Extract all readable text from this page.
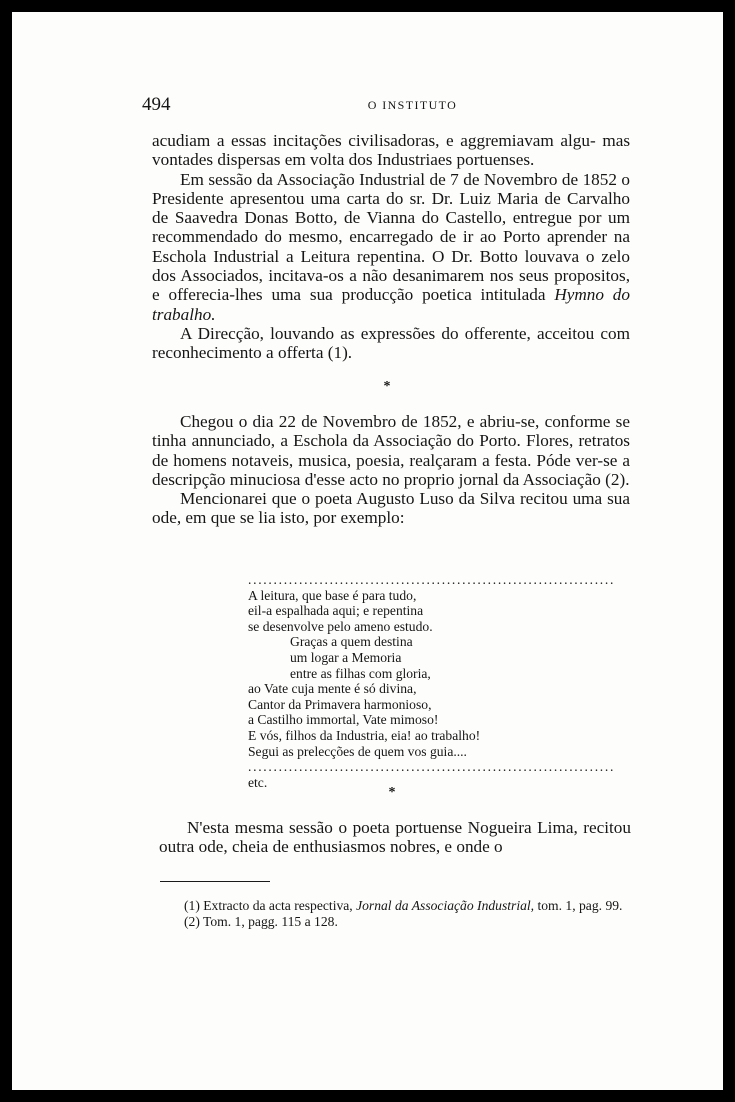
494	O INSTITUTO

acudiam a essas incitações civilisadoras, e aggremiavam algu- mas vontades dispersas em volta dos Industriaes portuenses.

Em sessão da Associação Industrial de 7 de Novembro de 1852 o Presidente apresentou uma carta do sr. Dr. Luiz Maria de Carvalho de Saavedra Donas Botto, de Vianna do Castello, entregue por um recommendado do mesmo, encarregado de ir ao Porto aprender na Eschola Industrial a Leitura repentina. O Dr. Botto louvava o zelo dos Associados, incitava-os a não desanimarem nos seus propositos, e offerecia-lhes uma sua producção poetica intitulada Hymno do trabalho.

A Direcção, louvando as expressões do offerente, acceitou com reconhecimento a offerta (1).

*

Chegou o dia 22 de Novembro de 1852, e abriu-se, conforme se tinha annunciado, a Eschola da Associação do Porto. Flores, retratos de homens notaveis, musica, poesia, realçaram a festa. Póde ver-se a descripção minuciosa d'esse acto no proprio jornal da Associação (2).

Mencionarei que o poeta Augusto Luso da Silva recitou uma sua ode, em que se lia isto, por exemplo:

........................................................................
A leitura, que base é para tudo,
eil-a espalhada aqui; e repentina
se desenvolve pelo ameno estudo.
Graças a quem destina
um logar a Memoria
entre as filhas com gloria,
ao Vate cuja mente é só divina,
Cantor da Primavera harmonioso,
a Castilho immortal, Vate mimoso!
E vós, filhos da Industria, eia! ao trabalho!
Segui as prelecções de quem vos guia....
........................................................................
etc.
*

N'esta mesma sessão o poeta portuense Nogueira Lima, recitou outra ode, cheia de enthusiasmos nobres, e onde o

(1) Extracto da acta respectiva, Jornal da Associação Industrial, tom. 1, pag. 99.

(2) Tom. 1, pagg. 115 a 128.
